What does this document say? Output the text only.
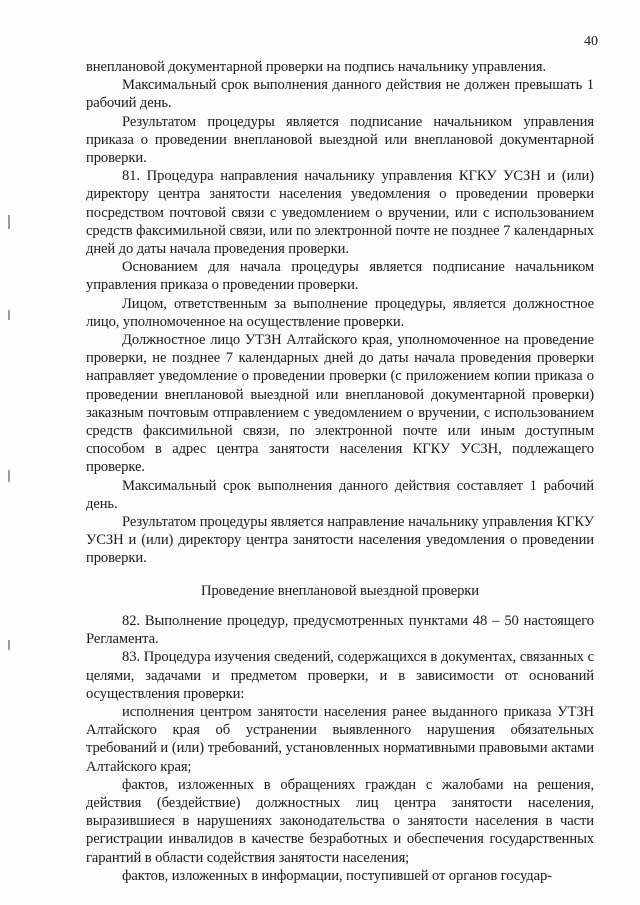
40

внеплановой документарной проверки на подпись начальнику управления.

Максимальный срок выполнения данного действия не должен превышать 1 рабочий день.

Результатом процедуры является подписание начальником управления приказа о проведении внеплановой выездной или внеплановой документарной проверки.

81. Процедура направления начальнику управления КГКУ УСЗН и (или) директору центра занятости населения уведомления о проведении проверки посредством почтовой связи с уведомлением о вручении, или с использованием средств факсимильной связи, или по электронной почте не позднее 7 календарных дней до даты начала проведения проверки.

Основанием для начала процедуры является подписание начальником управления приказа о проведении проверки.

Лицом, ответственным за выполнение процедуры, является должностное лицо, уполномоченное на осуществление проверки.

Должностное лицо УТЗН Алтайского края, уполномоченное на проведение проверки, не позднее 7 календарных дней до даты начала проведения проверки направляет уведомление о проведении проверки (с приложением копии приказа о проведении внеплановой выездной или внеплановой документарной проверки) заказным почтовым отправлением с уведомлением о вручении, с использованием средств факсимильной связи, по электронной почте или иным доступным способом в адрес центра занятости населения КГКУ УСЗН, подлежащего проверке.

Максимальный срок выполнения данного действия составляет 1 рабочий день.

Результатом процедуры является направление начальнику управления КГКУ УСЗН и (или) директору центра занятости населения уведомления о проведении проверки.

Проведение внеплановой выездной проверки

82. Выполнение процедур, предусмотренных пунктами 48 – 50 настоящего Регламента.

83. Процедура изучения сведений, содержащихся в документах, связанных с целями, задачами и предметом проверки, и в зависимости от оснований осуществления проверки:

исполнения центром занятости населения ранее выданного приказа УТЗН Алтайского края об устранении выявленного нарушения обязательных требований и (или) требований, установленных нормативными правовыми актами Алтайского края;

фактов, изложенных в обращениях граждан с жалобами на решения, действия (бездействие) должностных лиц центра занятости населения, выразившиеся в нарушениях законодательства о занятости населения в части регистрации инвалидов в качестве безработных и обеспечения государственных гарантий в области содействия занятости населения;

фактов, изложенных в информации, поступившей от органов государ-
